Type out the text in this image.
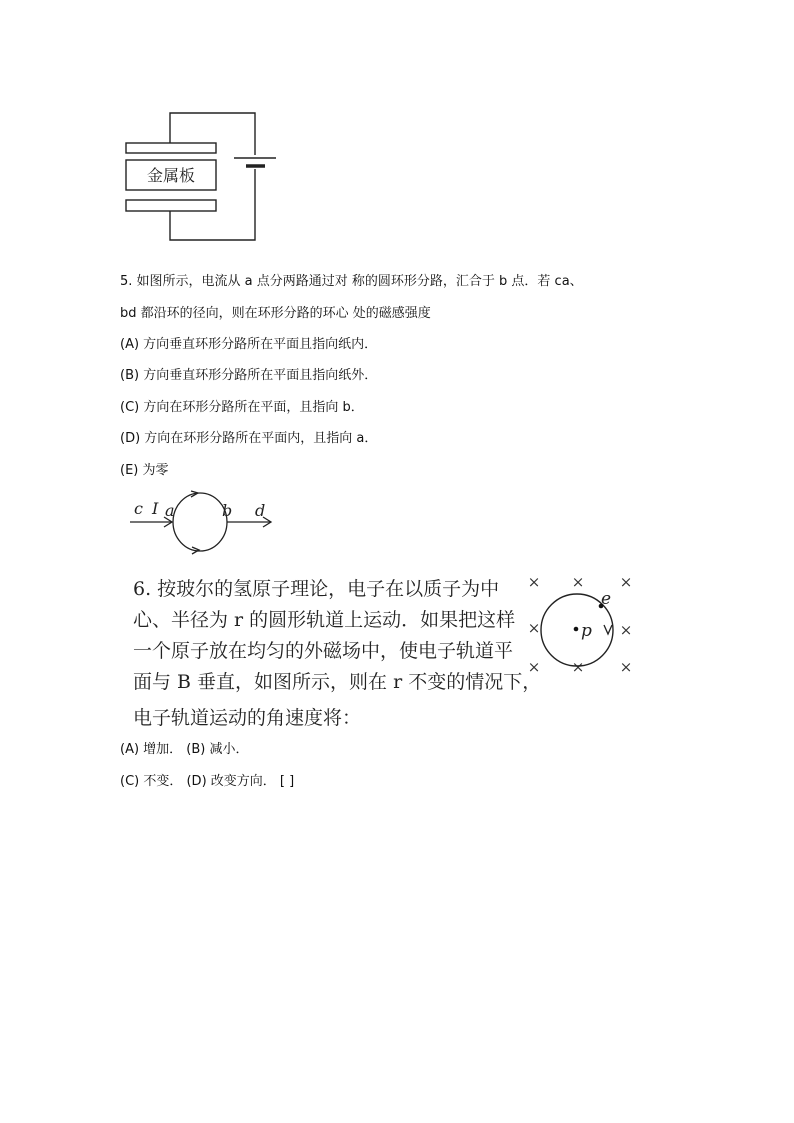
金属板
5. 如图所示，电流从 a 点分两路通过对 称的圆环形分路，汇合于 b 点．若 ca、
bd 都沿环的径向，则在环形分路的环心 处的磁感强度
(A) 方向垂直环形分路所在平面且指向纸内．
(B) 方向垂直环形分路所在平面且指向纸外．
(C) 方向在环形分路所在平面，且指向 b．
(D) 方向在环形分路所在平面内，且指向 a．
(E) 为零
c I a	b d
6. 按玻尔的氢原子理论，电子在以质子为中
心、半径为 r 的圆形轨道上运动．如果把这样
一个原子放在均匀的外磁场中，使电子轨道平
面与 B 垂直，如图所示，则在 r 不变的情况下，
电子轨道运动的角速度将：
× × ×
×	×
× × ×
p
e
(A) 增加． (B) 减小．
(C) 不变． (D) 改变方向． [ ]
